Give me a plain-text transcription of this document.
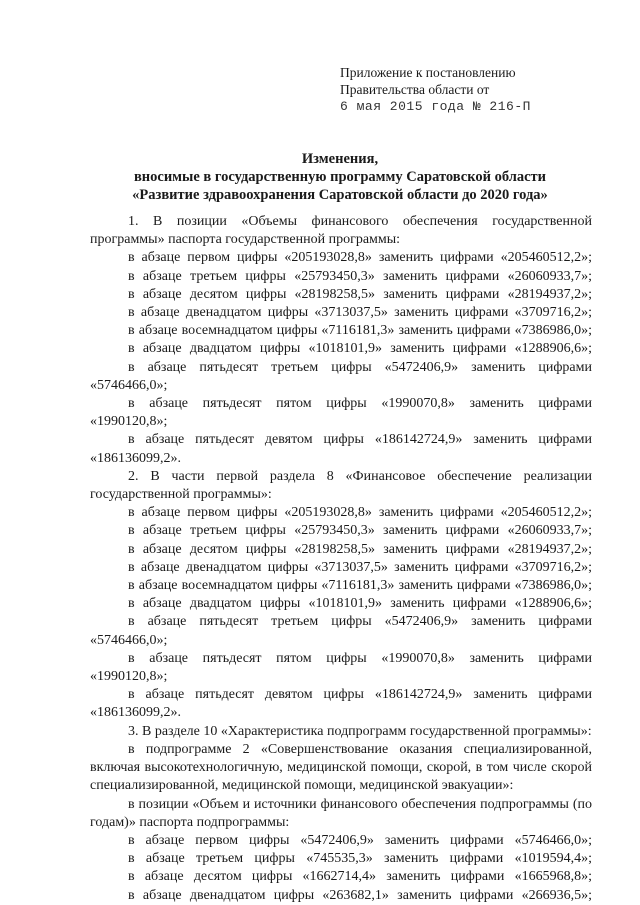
Приложение к постановлению
Правительства области от
6 мая 2015 года № 216-П
Изменения,
вносимые в государственную программу Саратовской области
«Развитие здравоохранения Саратовской области до 2020 года»

1. В позиции «Объемы финансового обеспечения государственной программы» паспорта государственной программы:

в абзаце первом цифры «205193028,8» заменить цифрами «205460512,2»;

в абзаце третьем цифры «25793450,3» заменить цифрами «26060933,7»;

в абзаце десятом цифры «28198258,5» заменить цифрами «28194937,2»;

в абзаце двенадцатом цифры «3713037,5» заменить цифрами «3709716,2»;

в абзаце восемнадцатом цифры «7116181,3» заменить цифрами «7386986,0»;

в абзаце двадцатом цифры «1018101,9» заменить цифрами «1288906,6»;

в абзаце пятьдесят третьем цифры «5472406,9» заменить цифрами «5746466,0»;

в абзаце пятьдесят пятом цифры «1990070,8» заменить цифрами «1990120,8»;

в абзаце пятьдесят девятом цифры «186142724,9» заменить цифрами «186136099,2».

2. В части первой раздела 8 «Финансовое обеспечение реализации государственной программы»:

в абзаце первом цифры «205193028,8» заменить цифрами «205460512,2»;

в абзаце третьем цифры «25793450,3» заменить цифрами «26060933,7»;

в абзаце десятом цифры «28198258,5» заменить цифрами «28194937,2»;

в абзаце двенадцатом цифры «3713037,5» заменить цифрами «3709716,2»;

в абзаце восемнадцатом цифры «7116181,3» заменить цифрами «7386986,0»;

в абзаце двадцатом цифры «1018101,9» заменить цифрами «1288906,6»;

в абзаце пятьдесят третьем цифры «5472406,9» заменить цифрами «5746466,0»;

в абзаце пятьдесят пятом цифры «1990070,8» заменить цифрами «1990120,8»;

в абзаце пятьдесят девятом цифры «186142724,9» заменить цифрами «186136099,2».

3. В разделе 10 «Характеристика подпрограмм государственной программы»:

в подпрограмме 2 «Совершенствование оказания специализированной, включая высокотехнологичную, медицинской помощи, скорой, в том числе скорой специализированной, медицинской помощи, медицинской эвакуации»:

в позиции «Объем и источники финансового обеспечения подпрограммы (по годам)» паспорта подпрограммы:

в абзаце первом цифры «5472406,9» заменить цифрами «5746466,0»;

в абзаце третьем цифры «745535,3» заменить цифрами «1019594,4»;

в абзаце десятом цифры «1662714,4» заменить цифрами «1665968,8»;

в абзаце двенадцатом цифры «263682,1» заменить цифрами «266936,5»;
